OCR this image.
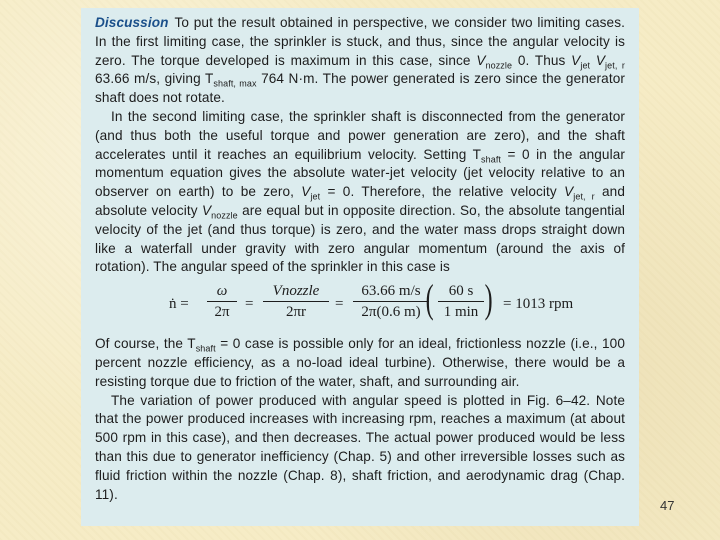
Discussion To put the result obtained in perspective, we consider two limiting cases. In the first limiting case, the sprinkler is stuck, and thus, since the angular velocity is zero. The torque developed is maximum in this case, since $V_{nozzle}$ 0. Thus $V_{jet}$ $V_{jet, r}$ 63.66 m/s, giving $T_{shaft, max}$ 764 N·m. The power generated is zero since the generator shaft does not rotate.

In the second limiting case, the sprinkler shaft is disconnected from the generator (and thus both the useful torque and power generation are zero), and the shaft accelerates until it reaches an equilibrium velocity. Setting $T_{shaft} = 0$ in the angular momentum equation gives the absolute water-jet velocity (jet velocity relative to an observer on earth) to be zero, $V_{jet} = 0$. Therefore, the relative velocity $V_{jet, r}$ and absolute velocity $V_{nozzle}$ are equal but in opposite direction. So, the absolute tangential velocity of the jet (and thus torque) is zero, and the water mass drops straight down like a waterfall under gravity with zero angular momentum (around the axis of rotation). The angular speed of the sprinkler in this case is

ṅ = $\frac{\omega}{2\pi}$ =
Vnozzle
2πr	= $\frac{63.66 m/s}{2\pi(0.6 m)}$
(	60 s
1 min ) = 1013 rpm

Of course, the $T_{shaft} = 0$ case is possible only for an ideal, frictionless nozzle (i.e., 100 percent nozzle efficiency, as a no-load ideal turbine). Otherwise, there would be a resisting torque due to friction of the water, shaft, and surrounding air.

The variation of power produced with angular speed is plotted in Fig. 6–42. Note that the power produced increases with increasing rpm, reaches a maximum (at about 500 rpm in this case), and then decreases. The actual power produced would be less than this due to generator inefficiency (Chap. 5) and other irreversible losses such as fluid friction within the nozzle (Chap. 8), shaft friction, and aerodynamic drag (Chap. 11).

47
